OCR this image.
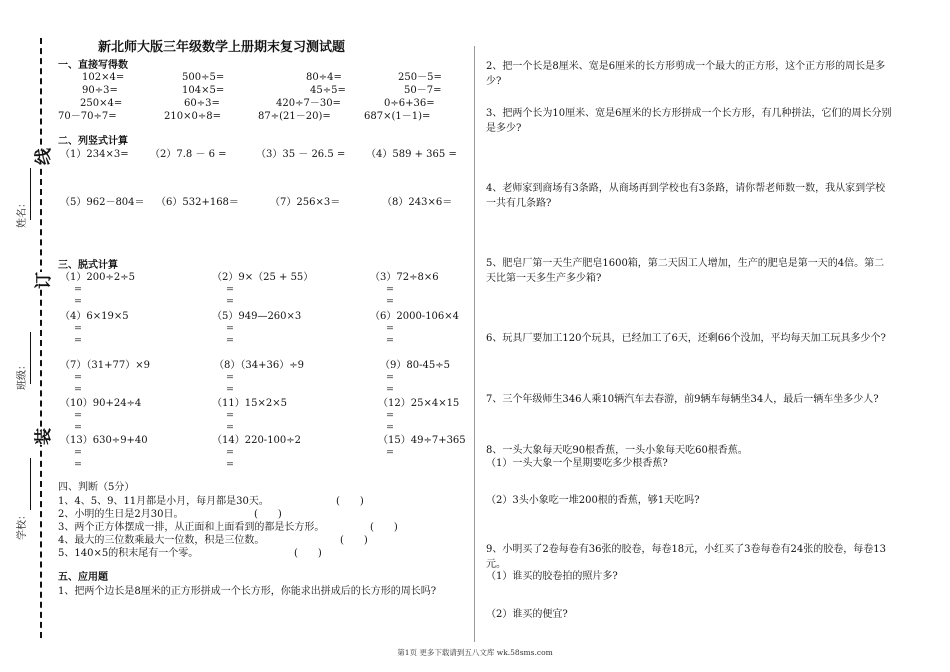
线
订
装
姓名：
班级：
学校：
新北师大版三年级数学上册期末复习测试题
一、直接写得数
102×4=	500÷5=	80÷4=	250－5=
90÷3=	104×5=	45÷5=	50－7=
250×4=	60÷3=	420÷7－30=	0÷6+36=
70－70÷7=	210×0÷8=	87÷(21－20)=	687×(1－1)=
二、列竖式计算
（1）234×3= （2）7.8 － 6 =	（3）35 － 26.5 = （4）589 + 365 =
（5）962－804＝ （6）532+168＝	（7）256×3＝	（8）243×6＝
三、脱式计算
（1）200÷2÷5	（2）9×（25 + 55）	（3）72÷8×6
=	=	=
=	=	=
（4）6×19×5	（5）949—260×3	（6）2000-106×4
=	=	=
=	=	=
（7）（31+77）×9	（8）（34+36）÷9	（9）80-45÷5
=	=	=
=	=	=
（10）90+24÷4	（11）15×2×5	（12）25×4×15
=	=	=
=	=	=
（13）630÷9+40	（14）220-100÷2	（15）49÷7+365
=	=	=
=	=
四、判断（5分）
1、4、5、9、11月都是小月，每月都是30天。	(　　)
2、小明的生日是2月30日。	(　　)
3、两个正方体摆成一排，从正面和上面看到的都是长方形。	(　　)
4、最大的三位数乘最大一位数，积是三位数。	(　　)
5、140×5的积末尾有一个零。	(　　)
五、应用题
1、把两个边长是8厘米的正方形拼成一个长方形，你能求出拼成后的长方形的周长吗?
2、把一个长是8厘米、宽是6厘米的长方形剪成一个最大的正方形，这个正方形的周长是多少?
3、把两个长为10厘米、宽是6厘米的长方形拼成一个长方形，有几种拼法，它们的周长分别是多少?
4、老师家到商场有3条路，从商场再到学校也有3条路，请你帮老师数一数，我从家到学校一共有几条路?
5、肥皂厂第一天生产肥皂1600箱，第二天因工人增加，生产的肥皂是第一天的4倍。第二天比第一天多生产多少箱?
6、玩具厂要加工120个玩具，已经加工了6天，还剩66个没加，平均每天加工玩具多少个?
7、三个年级师生346人乘10辆汽车去春游，前9辆车每辆坐34人，最后一辆车坐多少人?
8、一头大象每天吃90根香蕉，一头小象每天吃60根香蕉。
（1）一头大象一个星期要吃多少根香蕉?
（2）3头小象吃一堆200根的香蕉，够1天吃吗?
9、小明买了2卷每卷有36张的胶卷，每卷18元，小红买了3卷每卷有24张的胶卷，每卷13元。
（1）谁买的胶卷拍的照片多?
（2）谁买的便宜?
第1页 更多下载请到五八文库 wk.58sms.com
